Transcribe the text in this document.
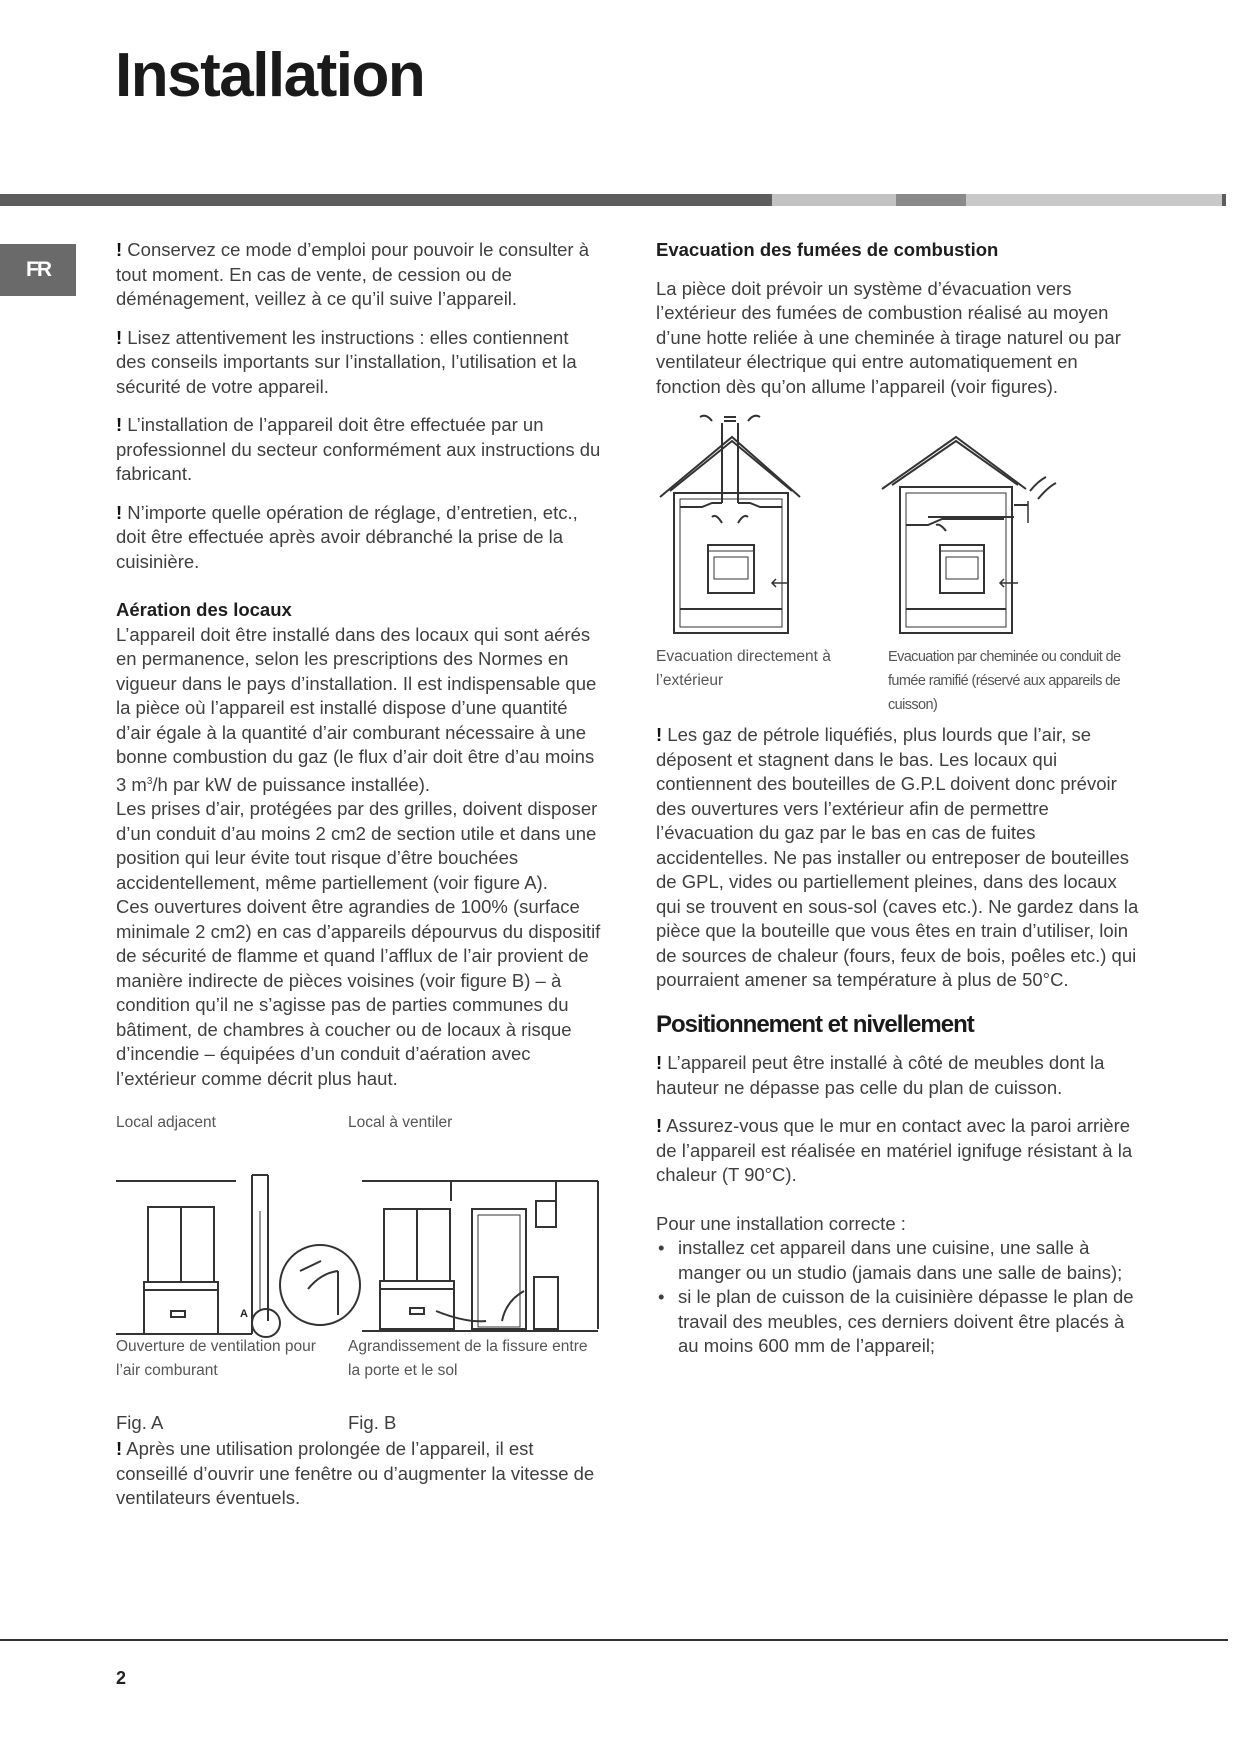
Installation
FR

! Conservez ce mode d’emploi pour pouvoir le consulter à tout moment. En cas de vente, de cession ou de déménagement, veillez à ce qu’il suive l’appareil.

! Lisez attentivement les instructions : elles contiennent des conseils importants sur l’installation, l’utilisation et la sécurité de votre appareil.

! L’installation de l’appareil doit être effectuée par un professionnel du secteur conformément aux instructions du fabricant.

! N’importe quelle opération de réglage, d’entretien, etc., doit être effectuée après avoir débranché la prise de la cuisinière.

Aération des locaux
L’appareil doit être installé dans des locaux qui sont aérés en permanence, selon les prescriptions des Normes en vigueur dans le pays d’installation. Il est indispensable que la pièce où l’appareil est installé dispose d’une quantité d’air égale à la quantité d’air comburant nécessaire à une bonne combustion du gaz (le flux d’air doit être d’au moins 3 $m^3/h$ par kW de puissance installée).
Les prises d’air, protégées par des grilles, doivent disposer d’un conduit d’au moins 2 cm2 de section utile et dans une position qui leur évite tout risque d’être bouchées accidentellement, même partiellement (voir figure A).
Ces ouvertures doivent être agrandies de 100% (surface minimale 2 cm2) en cas d’appareils dépourvus du dispositif de sécurité de flamme et quand l’afflux de l’air provient de manière indirecte de pièces voisines (voir figure B) – à condition qu’il ne s’agisse pas de parties communes du bâtiment, de chambres à coucher ou de locaux à risque d’incendie – équipées d’un conduit d’aération avec l’extérieur comme décrit plus haut.
Local adjacent	Local à ventiler
A
Ouverture de ventilation pour l’air comburant
Agrandissement de la fissure entre la porte et le sol
Fig. A	Fig. B

! Après une utilisation prolongée de l’appareil, il est conseillé d’ouvrir une fenêtre ou d’augmenter la vitesse de ventilateurs éventuels.

Evacuation des fumées de combustion

La pièce doit prévoir un système d’évacuation vers l’extérieur des fumées de combustion réalisé au moyen d’une hotte reliée à une cheminée à tirage naturel ou par ventilateur électrique qui entre automatiquement en fonction dès qu’on allume l’appareil (voir figures).

Evacuation directement à l’extérieur
Evacuation par cheminée ou conduit de fumée ramifié (réservé aux appareils de cuisson)

! Les gaz de pétrole liquéfiés, plus lourds que l’air, se déposent et stagnent dans le bas. Les locaux qui contiennent des bouteilles de G.P.L doivent donc prévoir des ouvertures vers l’extérieur afin de permettre l’évacuation du gaz par le bas en cas de fuites accidentelles. Ne pas installer ou entreposer de bouteilles de GPL, vides ou partiellement pleines, dans des locaux qui se trouvent en sous-sol (caves etc.). Ne gardez dans la pièce que la bouteille que vous êtes en train d’utiliser, loin de sources de chaleur (fours, feux de bois, poêles etc.) qui pourraient amener sa température à plus de 50°C.

Positionnement et nivellement

! L’appareil peut être installé à côté de meubles dont la hauteur ne dépasse pas celle du plan de cuisson.

! Assurez-vous que le mur en contact avec la paroi arrière de l’appareil est réalisée en matériel ignifuge résistant à la chaleur (T 90°C).

Pour une installation correcte :
• installez cet appareil dans une cuisine, une salle à manger ou un studio (jamais dans une salle de bains);
• si le plan de cuisson de la cuisinière dépasse le plan de travail des meubles, ces derniers doivent être placés à au moins 600 mm de l’appareil;
2
